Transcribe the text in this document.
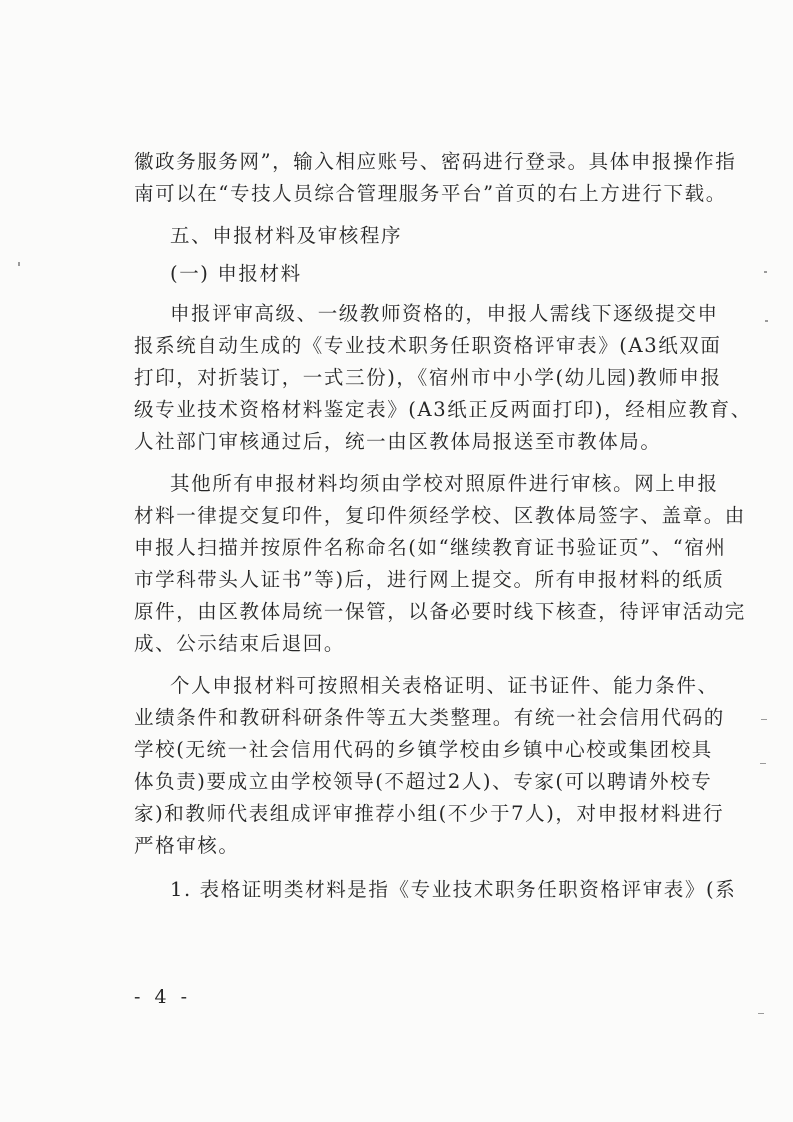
徽政务服务网”，输入相应账号、密码进行登录。具体申报操作指
南可以在“专技人员综合管理服务平台”首页的右上方进行下载。
五、申报材料及审核程序
(一) 申报材料
申报评审高级、一级教师资格的，申报人需线下逐级提交申
报系统自动生成的《专业技术职务任职资格评审表》(A3纸双面
打印，对折装订，一式三份)，《宿州市中小学(幼儿园)教师申报
级专业技术资格材料鉴定表》(A3纸正反两面打印)，经相应教育、
人社部门审核通过后，统一由区教体局报送至市教体局。
其他所有申报材料均须由学校对照原件进行审核。网上申报
材料一律提交复印件，复印件须经学校、区教体局签字、盖章。由
申报人扫描并按原件名称命名(如“继续教育证书验证页”、“宿州
市学科带头人证书”等)后，进行网上提交。所有申报材料的纸质
原件，由区教体局统一保管，以备必要时线下核查，待评审活动完
成、公示结束后退回。
个人申报材料可按照相关表格证明、证书证件、能力条件、
业绩条件和教研科研条件等五大类整理。有统一社会信用代码的
学校(无统一社会信用代码的乡镇学校由乡镇中心校或集团校具
体负责)要成立由学校领导(不超过2人)、专家(可以聘请外校专
家)和教师代表组成评审推荐小组(不少于7人)，对申报材料进行
严格审核。
1. 表格证明类材料是指《专业技术职务任职资格评审表》(系
- 4 -
